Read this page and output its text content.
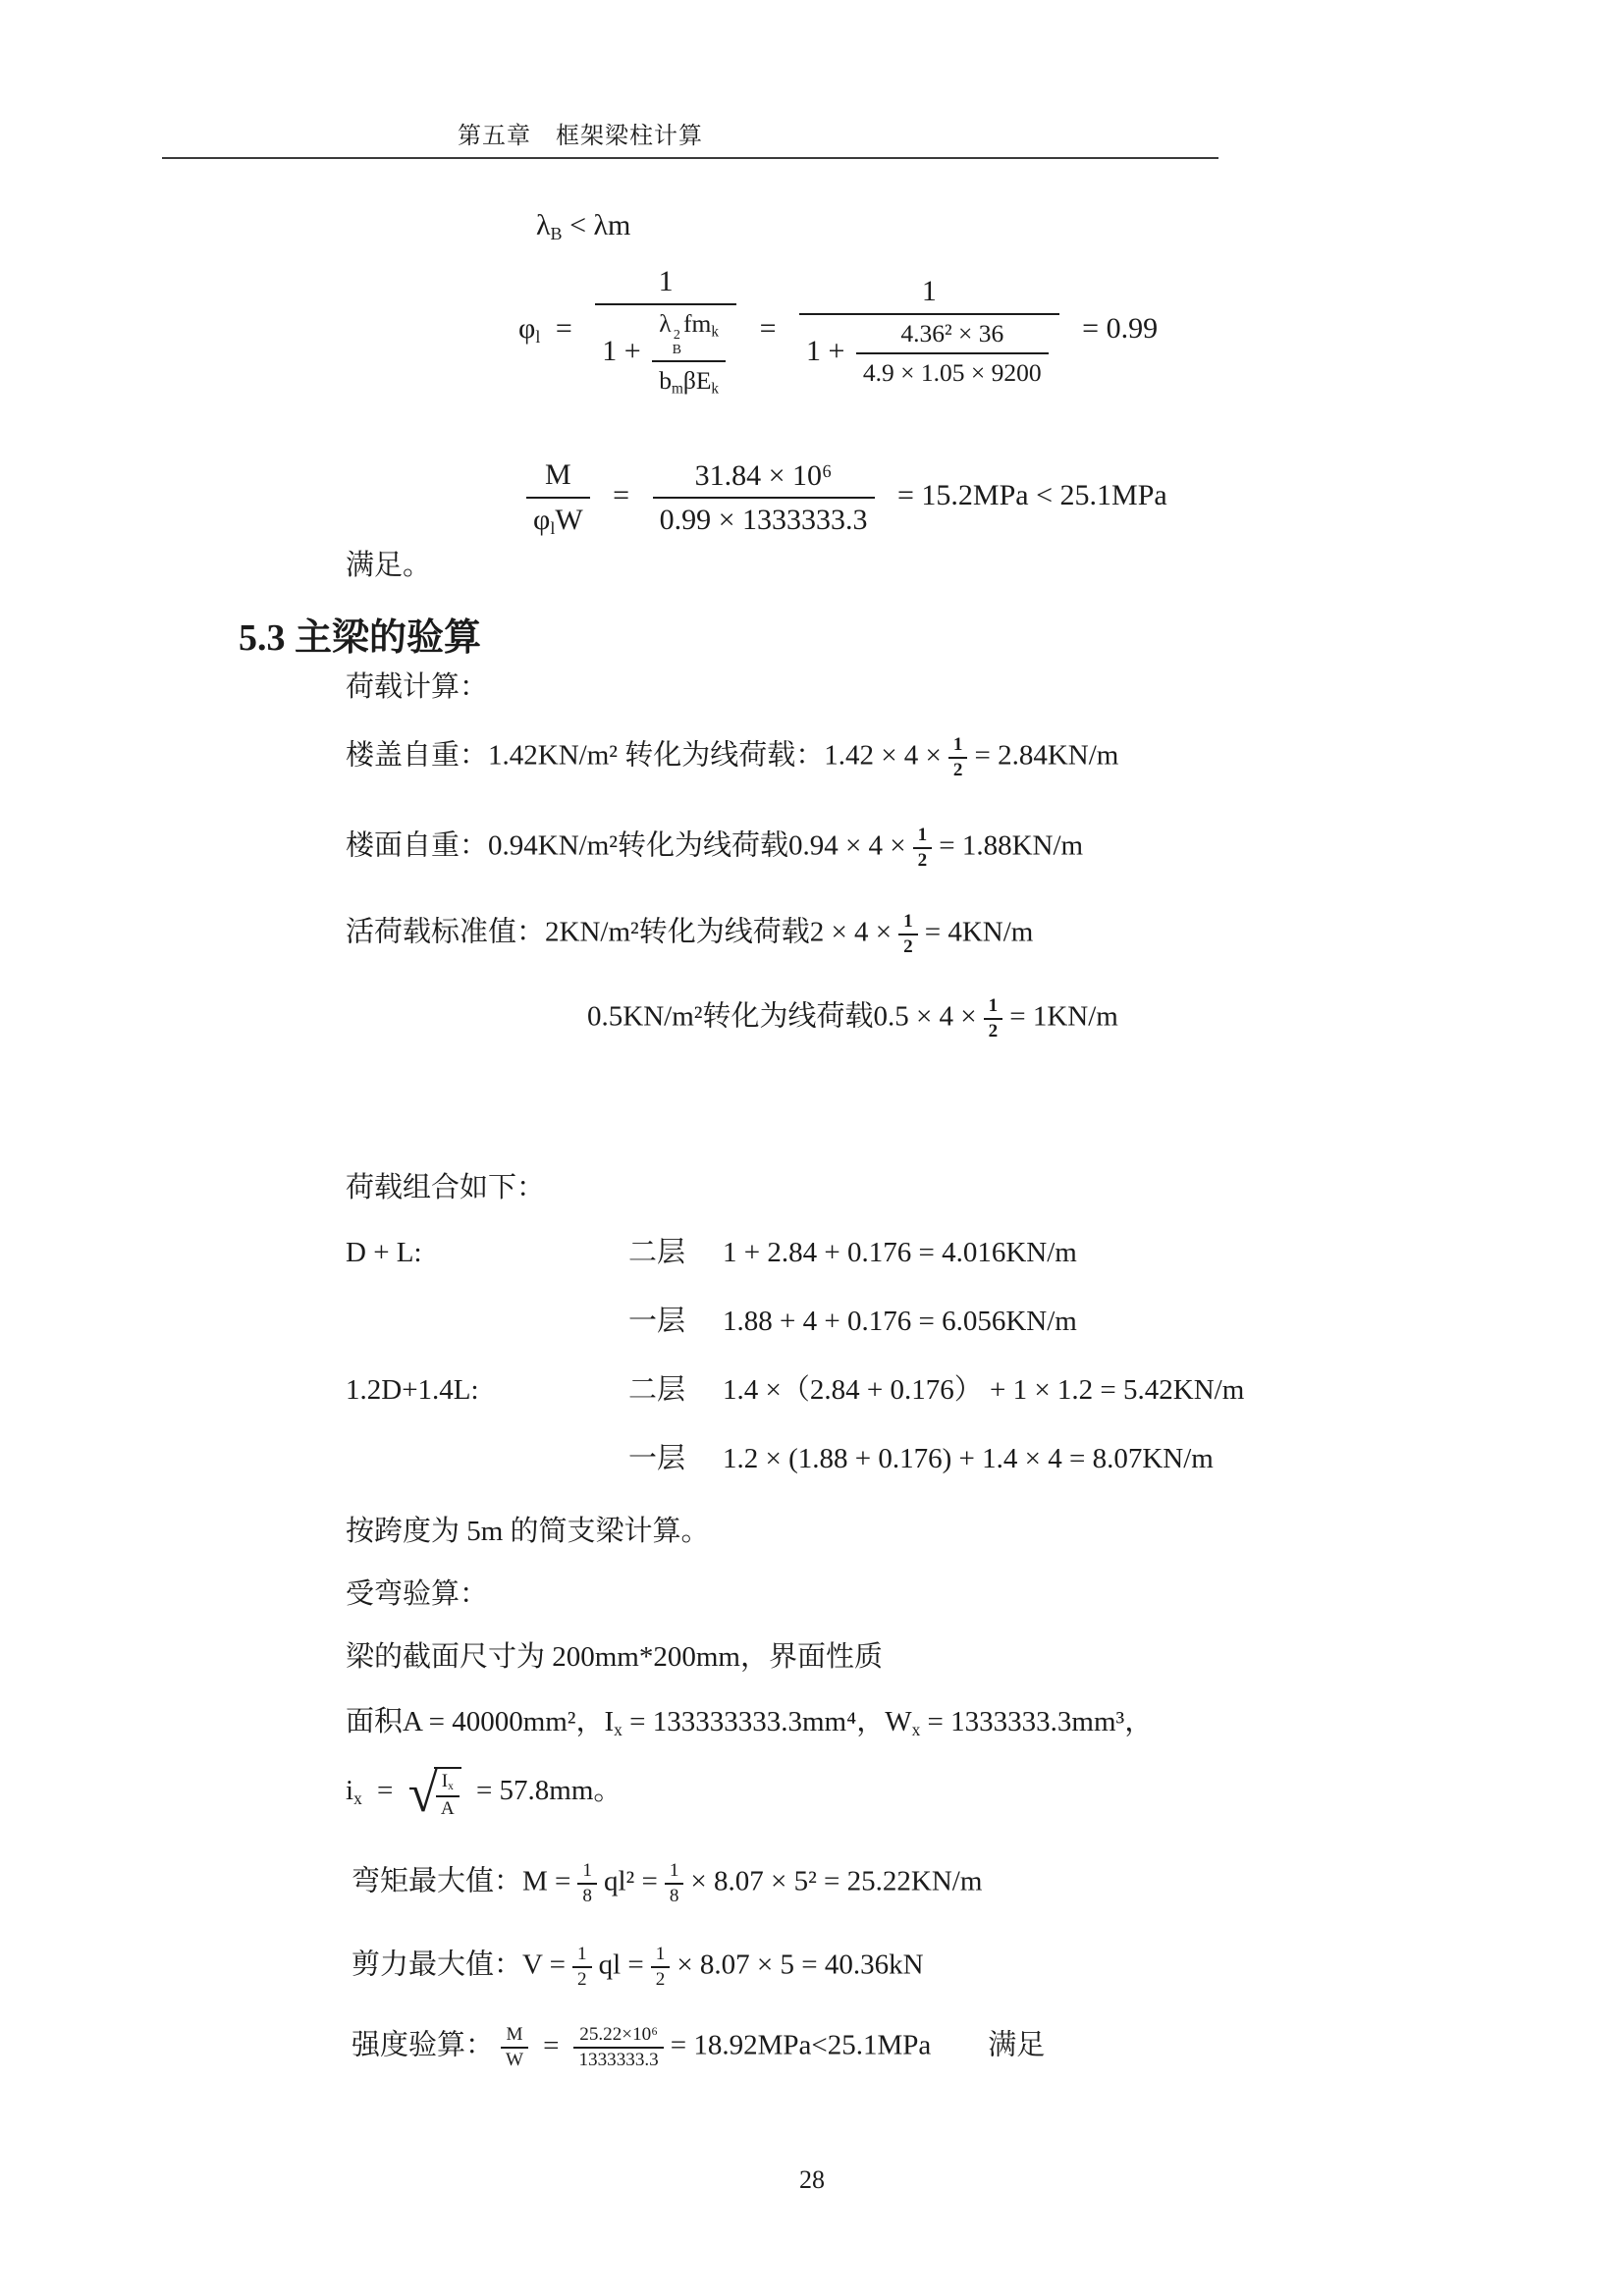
第五章　框架梁柱计算
$\lambda_B < \lambda m$
$\varphi_l = 1$
1 + λ 2
B
$fm_k$
$b_m\beta E_k$ =
1
$1 + \frac{\text{4.36² × 36}}{4.9 \times 1.05 \times 9200} = 0.99$
$\frac{M}{\varphi_lW} = \frac{\text{31.84 × 10⁶}}{0.99 \times 1333333.3} = 15.2MPa < 25.1MPa$
满足。
5.3 主梁的验算
荷载计算：
楼盖自重：1.42KN/m² 转化为线荷载：$1.42 \times 4 \times \frac{1}{2} = 2.84KN/m$
楼面自重：0.94KN/m²转化为线荷载$0.94 \times 4 \times \frac{1}{2} = 1.88KN/m$
活荷载标准值：2KN/m²转化为线荷载$2 \times 4 \times \frac{1}{2} = 4KN/m$
0.5KN/m²转化为线荷载$0.5 \times 4 \times \frac{1}{2} = 1KN/m$
荷载组合如下：
D + L:	二层 1 + 2.84 + 0.176 = 4.016KN/m
一层 1.88 + 4 + 0.176 = 6.056KN/m
1.2D+1.4L:	二层 1.4 ×（2.84 + 0.176） + 1 × 1.2 = 5.42KN/m
一层 1.2 × (1.88 + 0.176) + 1.4 × 4 = 8.07KN/m
按跨度为 5m 的简支梁计算。
受弯验算：
梁的截面尺寸为 200mm*200mm，界面性质
面积A = 40000mm²，$I_x = 133333333.3mm^4$，$W_x = 1333333.3mm^3$，
$i_x$ = √
$\frac{I_x}{A} = 57.8mm$。
弯矩最大值：$M = \frac{1}{8} ql^2 = \frac{1}{8} \times 8.07 \times 5^2 = 25.22KN/m$
剪力最大值：$V = \frac{1}{2}$ ql = $\frac{1}{2} \times 8.07 \times 5 = 40.36kN$
强度验算： $\frac{M}{W} = \frac{\text{25.22×10⁶}}{1333333.3} = 18.92MPa<25.1MPa$　　满足
28
